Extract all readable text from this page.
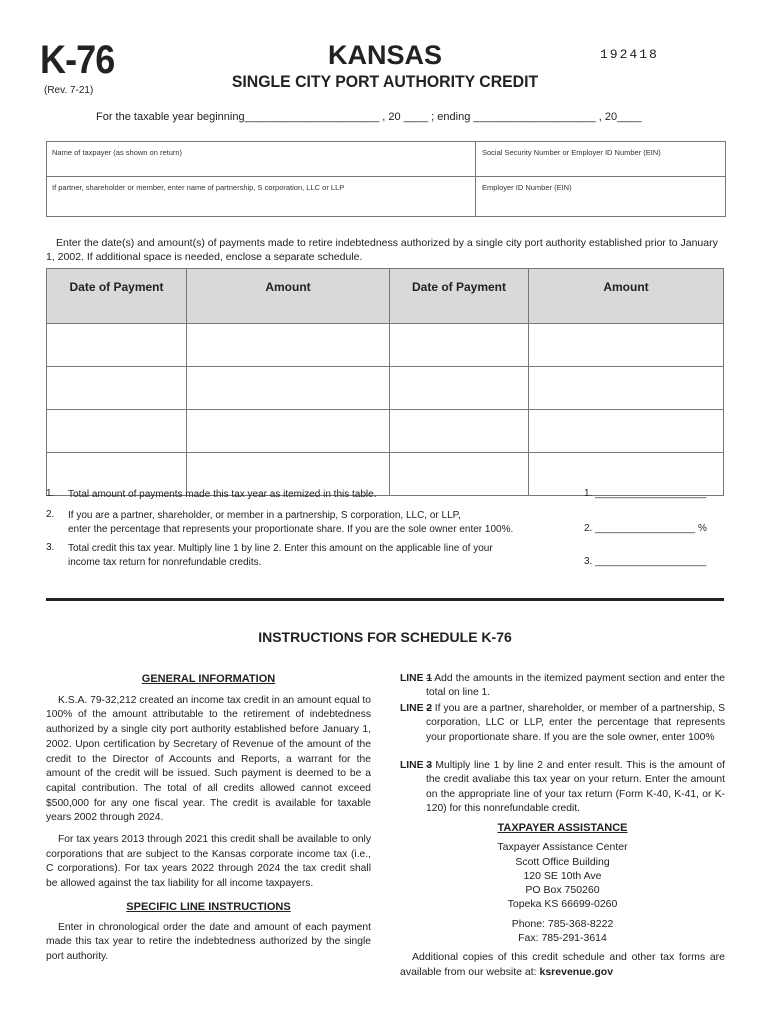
K-76
(Rev. 7-21)
KANSAS
SINGLE CITY PORT AUTHORITY CREDIT
192418
For the taxable year beginning______________________ , 20 ____ ; ending ____________________ , 20____
Name of taxpayer (as shown on return)	Social Security Number or Employer ID Number (EIN)
If partner, shareholder or member, enter name of partnership, S corporation, LLC or LLP	Employer ID Number (EIN)
Enter the date(s) and amount(s) of payments made to retire indebtedness authorized by a single city port authority established prior to January 1, 2002. If additional space is needed, enclose a separate schedule.
Date of Payment	Amount	Date of Payment	Amount

1. Total amount of payments made this tax year as itemized in this table.	1. ____________________
2. If you are a partner, shareholder, or member in a partnership, S corporation, LLC, or LLP,
enter the percentage that represents your proportionate share. If you are the sole owner enter 100%.	2. __________________ %
3. Total credit this tax year. Multiply line 1 by line 2. Enter this amount on the applicable line of your
income tax return for nonrefundable credits.	3. ____________________
INSTRUCTIONS FOR SCHEDULE K-76
GENERAL INFORMATION
K.S.A. 79-32,212 created an income tax credit in an amount equal to 100% of the amount attributable to the retirement of indebtedness authorized by a single city port authority established before January 1, 2002. Upon certification by Secretary of Revenue of the amount of the credit to the Director of Accounts and Reports, a warrant for the amount of the credit will be issued. Such payment is deemed to be a capital contribution. The total of all credits allowed cannot exceed $500,000 for any one fiscal year. The credit is available for taxable years 2002 through 2024.
For tax years 2013 through 2021 this credit shall be available to only corporations that are subject to the Kansas corporate income tax (i.e., C corporations). For tax years 2022 through 2024 the tax credit shall be allowed against the tax liability for all income taxpayers.
SPECIFIC LINE INSTRUCTIONS
Enter in chronological order the date and amount of each payment made this tax year to retire the indebtedness authorized by the single port authority.
LINE 1
– Add the amounts in the itemized payment section and enter the total on line 1.
LINE 2
– If you are a partner, shareholder, or member of a partnership, S corporation, LLC or LLP, enter the percentage that represents your proportionate share. If you are the sole owner, enter 100%
LINE 3
– Multiply line 1 by line 2 and enter result. This is the amount of the credit avaliabe this tax year on your return. Enter the amount on the appropriate line of your tax return (Form K-40, K-41, or K-120) for this nonrefundable credit.
TAXPAYER ASSISTANCE
Taxpayer Assistance Center
Scott Office Building
120 SE 10th Ave
PO Box 750260
Topeka KS 66699-0260
Phone: 785-368-8222
Fax: 785-291-3614
Additional copies of this credit schedule and other tax forms are available from our website at: ksrevenue.gov
